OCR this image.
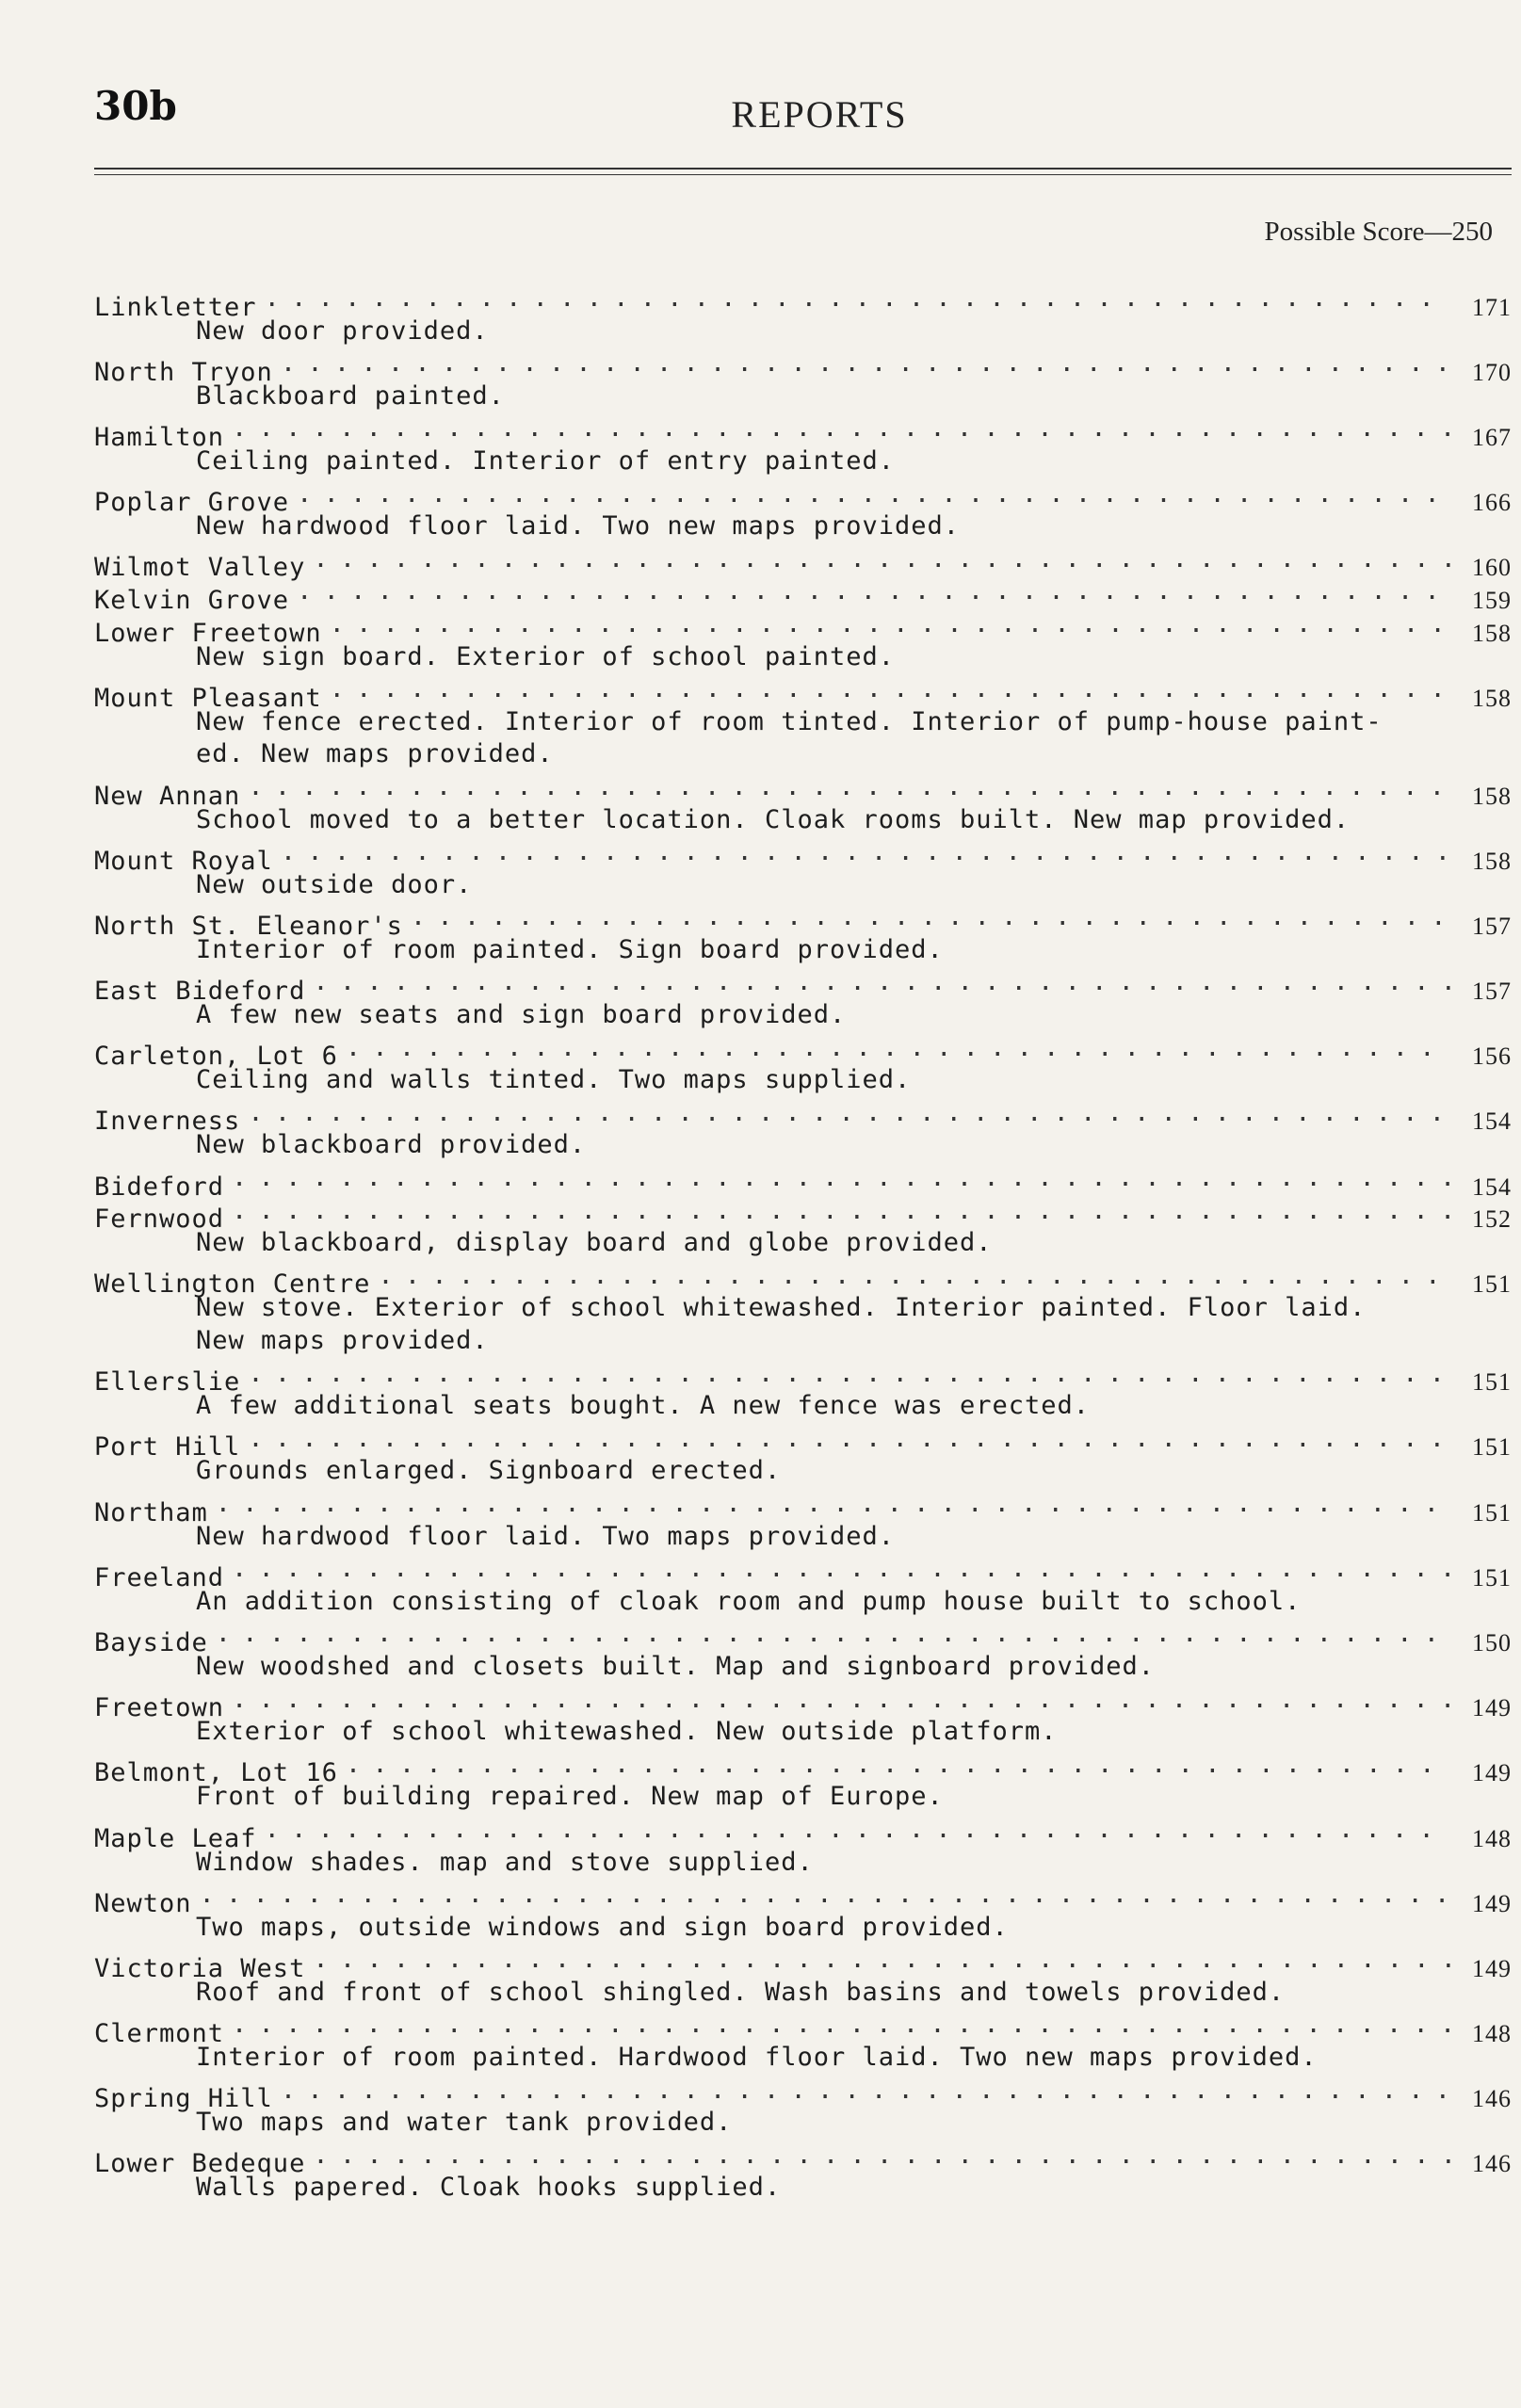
30b	REPORTS
Possible Score—250
Linkletter . . .	171
New door provided.
North Tryon . . .	170
Blackboard painted.
Hamilton . . .	167
Ceiling painted. Interior of entry painted.
Poplar Grove . . .	166
New hardwood floor laid. Two new maps provided.
Wilmot Valley . . .	160
Kelvin Grove . . .	159
Lower Freetown . . .	158
New sign board. Exterior of school painted.
Mount Pleasant . . .	158
New fence erected. Interior of room tinted. Interior of pump-house paint-
ed. New maps provided.
New Annan . . .	158
School moved to a better location. Cloak rooms built. New map provided.
Mount Royal . . .	158
New outside door.
North St. Eleanor's . . .	157
Interior of room painted. Sign board provided.
East Bideford . . .	157
A few new seats and sign board provided.
Carleton, Lot 6 . . .	156
Ceiling and walls tinted. Two maps supplied.
Inverness . . .	154
New blackboard provided.
Bideford . . .	154
Fernwood . . .	152
New blackboard, display board and globe provided.
Wellington Centre . . .	151
New stove. Exterior of school whitewashed. Interior painted. Floor laid.
New maps provided.
Ellerslie . . .	151
A few additional seats bought. A new fence was erected.
Port Hill . . .	151
Grounds enlarged. Signboard erected.
Northam . . .	151
New hardwood floor laid. Two maps provided.
Freeland . . .	151
An addition consisting of cloak room and pump house built to school.
Bayside . . .	150
New woodshed and closets built. Map and signboard provided.
Freetown . . .	149
Exterior of school whitewashed. New outside platform.
Belmont, Lot 16 . . .	149
Front of building repaired. New map of Europe.
Maple Leaf . . .	148
Window shades. map and stove supplied.
Newton . . .	149
Two maps, outside windows and sign board provided.
Victoria West . . .	149
Roof and front of school shingled. Wash basins and towels provided.
Clermont . . .	148
Interior of room painted. Hardwood floor laid. Two new maps provided.
Spring Hill . . .	146
Two maps and water tank provided.
Lower Bedeque . . .	146
Walls papered. Cloak hooks supplied.
